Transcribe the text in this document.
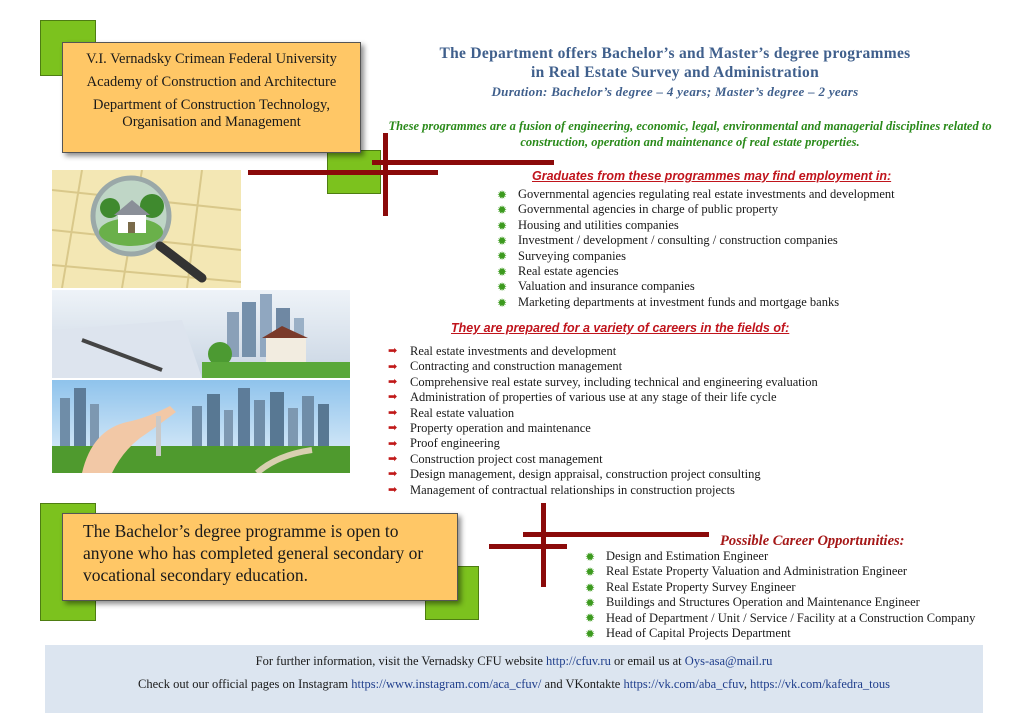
V.I. Vernadsky Crimean Federal University
Academy of Construction and Architecture
Department of Construction Technology, Organisation and Management
The Department offers Bachelor’s and Master’s degree programmes
in Real Estate Survey and Administration
Duration: Bachelor’s degree – 4 years; Master’s degree – 2 years
These programmes are a fusion of engineering, economic, legal, environmental and managerial disciplines related to construction, operation and maintenance of real estate properties.
Graduates from these programmes may find employment in:
✹ Governmental agencies regulating real estate investments and development
✹ Governmental agencies in charge of public property
✹ Housing and utilities companies
✹ Investment / development / consulting / construction companies
✹ Surveying companies
✹ Real estate agencies
✹ Valuation and insurance companies
✹ Marketing departments at investment funds and mortgage banks
They are prepared for a variety of careers in the fields of:
➡ Real estate investments and development
➡ Contracting and construction management
➡ Comprehensive real estate survey, including technical and engineering evaluation
➡ Administration of properties of various use at any stage of their life cycle
➡ Real estate valuation
➡ Property operation and maintenance
➡ Proof engineering
➡ Construction project cost management
➡ Design management, design appraisal, construction project consulting
➡ Management of contractual relationships in construction projects
The Bachelor’s degree programme is open to anyone who has completed general secondary or vocational secondary education.
Possible Career Opportunities:
✹ Design and Estimation Engineer
✹ Real Estate Property Valuation and Administration Engineer
✹ Real Estate Property Survey Engineer
✹ Buildings and Structures Operation and Maintenance Engineer
✹ Head of Department / Unit / Service / Facility at a Construction Company
✹ Head of Capital Projects Department
For further information, visit the Vernadsky CFU website http://cfuv.ru or email us at Oys-asa@mail.ru
Check out our official pages on Instagram https://www.instagram.com/aca_cfuv/ and VKontakte https://vk.com/aba_cfuv, https://vk.com/kafedra_tous
